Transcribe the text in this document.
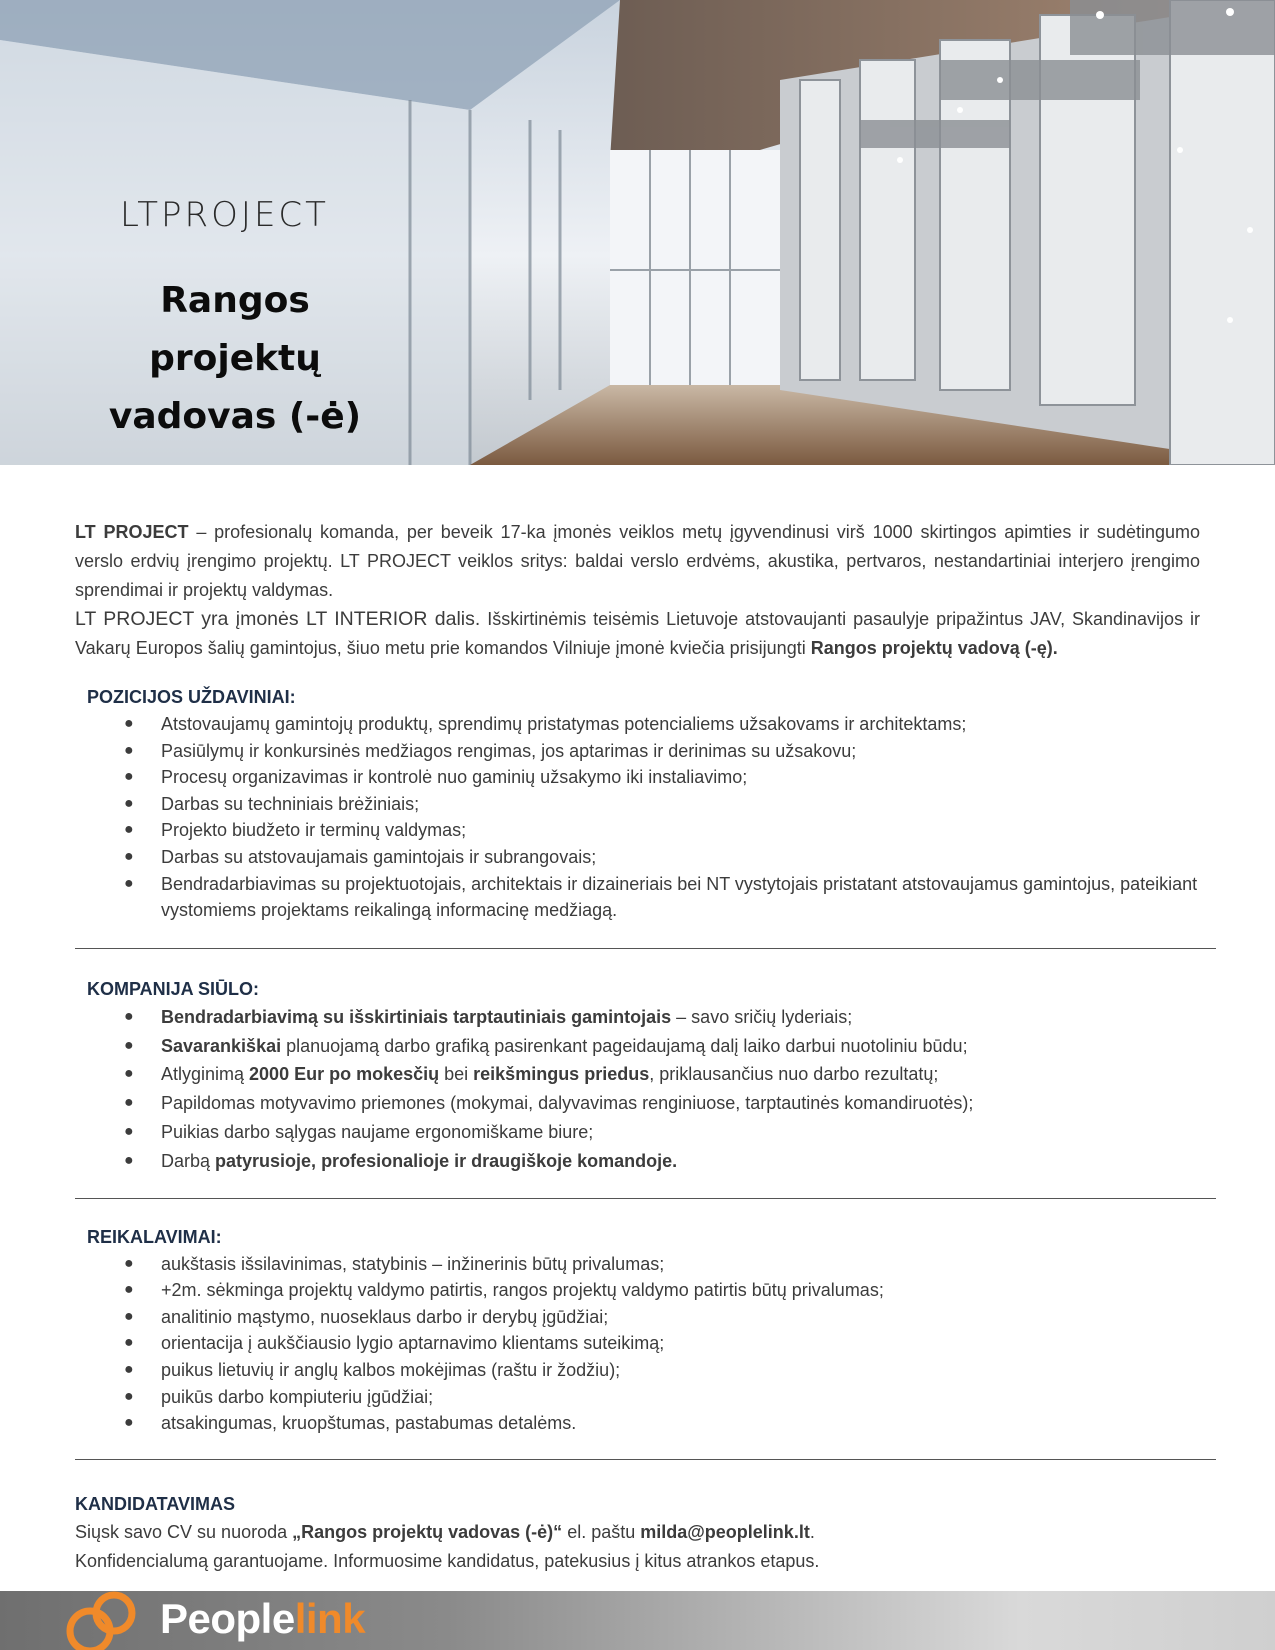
LTPROJECT
Rangos projektų
vadovas (-ė)

LT PROJECT – profesionalų komanda, per beveik 17-ka įmonės veiklos metų įgyvendinusi virš 1000 skirtingos apimties ir sudėtingumo verslo erdvių įrengimo projektų. LT PROJECT veiklos sritys: baldai verslo erdvėms, akustika, pertvaros, nestandartiniai interjero įrengimo sprendimai ir projektų valdymas.

LT PROJECT yra įmonės LT INTERIOR dalis. Išskirtinėmis teisėmis Lietuvoje atstovaujanti pasaulyje pripažintus JAV, Skandinavijos ir Vakarų Europos šalių gamintojus, šiuo metu prie komandos Vilniuje įmonė kviečia prisijungti Rangos projektų vadovą (-ę).

POZICIJOS UŽDAVINIAI:
● Atstovaujamų gamintojų produktų, sprendimų pristatymas potencialiems užsakovams ir architektams;
● Pasiūlymų ir konkursinės medžiagos rengimas, jos aptarimas ir derinimas su užsakovu;
● Procesų organizavimas ir kontrolė nuo gaminių užsakymo iki instaliavimo;
● Darbas su techniniais brėžiniais;
● Projekto biudžeto ir terminų valdymas;
● Darbas su atstovaujamais gamintojais ir subrangovais;
● Bendradarbiavimas su projektuotojais, architektais ir dizaineriais bei NT vystytojais pristatant atstovaujamus gamintojus, pateikiant vystomiems projektams reikalingą informacinę medžiagą.
KOMPANIJA SIŪLO:
● Bendradarbiavimą su išskirtiniais tarptautiniais gamintojais – savo sričių lyderiais;
● Savarankiškai planuojamą darbo grafiką pasirenkant pageidaujamą dalį laiko darbui nuotoliniu būdu;
● Atlyginimą 2000 Eur po mokesčių bei reikšmingus priedus, priklausančius nuo darbo rezultatų;
● Papildomas motyvavimo priemones (mokymai, dalyvavimas renginiuose, tarptautinės komandiruotės);
● Puikias darbo sąlygas naujame ergonomiškame biure;
● Darbą patyrusioje, profesionalioje ir draugiškoje komandoje.
REIKALAVIMAI:
● aukštasis išsilavinimas, statybinis – inžinerinis būtų privalumas;
● +2m. sėkminga projektų valdymo patirtis, rangos projektų valdymo patirtis būtų privalumas;
● analitinio mąstymo, nuoseklaus darbo ir derybų įgūdžiai;
● orientacija į aukščiausio lygio aptarnavimo klientams suteikimą;
● puikus lietuvių ir anglų kalbos mokėjimas (raštu ir žodžiu);
● puikūs darbo kompiuteriu įgūdžiai;
● atsakingumas, kruopštumas, pastabumas detalėms.
KANDIDATAVIMAS

Siųsk savo CV su nuoroda „Rangos projektų vadovas (-ė)“ el. paštu milda@peoplelink.lt.

Konfidencialumą garantuojame. Informuosime kandidatus, patekusius į kitus atrankos etapus.

Peoplelink
